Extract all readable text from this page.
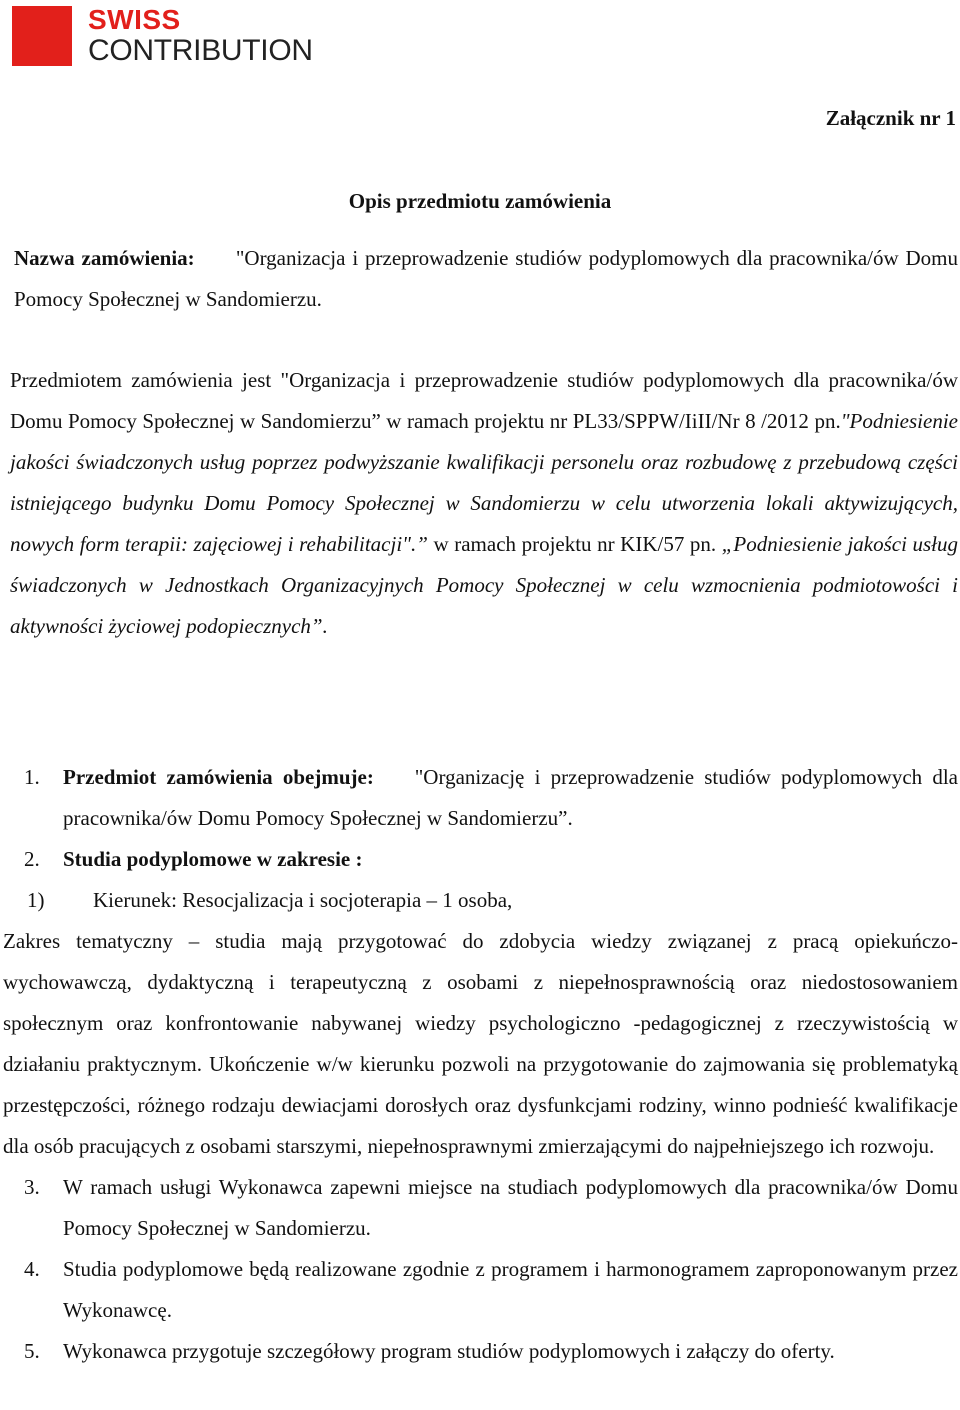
SWISS
CONTRIBUTION
Załącznik nr 1
Opis przedmiotu zamówienia
Nazwa zamówienia: "Organizacja i przeprowadzenie studiów podyplomowych dla pracownika/ów Domu Pomocy Społecznej w Sandomierzu.
Przedmiotem zamówienia jest "Organizacja i przeprowadzenie studiów podyplomowych dla pracownika/ów Domu Pomocy Społecznej w Sandomierzu” w ramach projektu nr PL33/SPPW/IiII/Nr 8 /2012 pn."Podniesienie jakości świadczonych usług poprzez podwyższanie kwalifikacji personelu oraz rozbudowę z przebudową części istniejącego budynku Domu Pomocy Społecznej w Sandomierzu w celu utworzenia lokali aktywizujących, nowych form terapii: zajęciowej i rehabilitacji".” w ramach projektu nr KIK/57 pn. „Podniesienie jakości usług świadczonych w Jednostkach Organizacyjnych Pomocy Społecznej w celu wzmocnienia podmiotowości i aktywności życiowej podopiecznych”.
1. Przedmiot zamówienia obejmuje:    "Organizację i przeprowadzenie studiów podyplomowych dla pracownika/ów Domu Pomocy Społecznej w Sandomierzu”.
2. Studia podyplomowe w zakresie :
1) Kierunek: Resocjalizacja i socjoterapia – 1 osoba,
Zakres tematyczny – studia mają przygotować do zdobycia wiedzy związanej z pracą opiekuńczo-wychowawczą, dydaktyczną i terapeutyczną z osobami z niepełnosprawnością oraz niedostosowaniem społecznym oraz konfrontowanie nabywanej wiedzy psychologiczno -pedagogicznej z rzeczywistością w działaniu praktycznym. Ukończenie w/w kierunku pozwoli na przygotowanie do zajmowania się problematyką przestępczości, różnego rodzaju dewiacjami dorosłych oraz dysfunkcjami rodziny, winno podnieść kwalifikacje dla osób pracujących z osobami starszymi, niepełnosprawnymi zmierzającymi do najpełniejszego ich rozwoju.
3. W ramach usługi Wykonawca zapewni miejsce na studiach podyplomowych dla pracownika/ów Domu Pomocy Społecznej w Sandomierzu.
4. Studia podyplomowe będą realizowane zgodnie z programem i harmonogramem zaproponowanym przez Wykonawcę.
5. Wykonawca przygotuje szczegółowy program studiów podyplomowych i załączy do oferty.
